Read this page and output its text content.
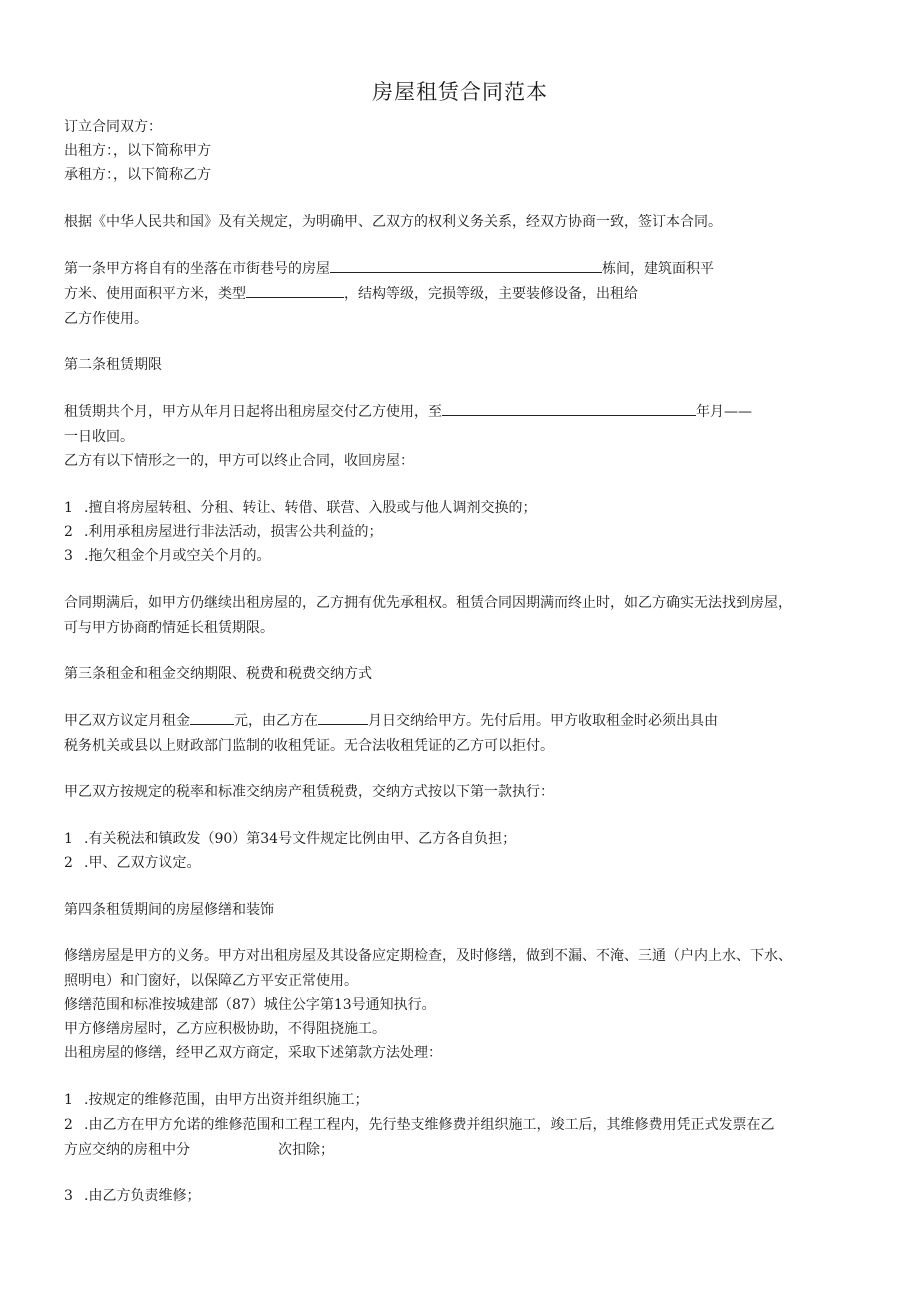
房屋租赁合同范本
订立合同双方：
出租方：，以下简称甲方
承租方：，以下简称乙方
根据《中华人民共和国》及有关规定，为明确甲、乙双方的权利义务关系，经双方协商一致，签订本合同。
第一条甲方将自有的坐落在市街巷号的房屋	栋间，建筑面积平
方米、使用面积平方米，类型	，结构等级，完损等级，主要装修设备，出租给
乙方作使用。
第二条租赁期限
租赁期共个月，甲方从年月日起将出租房屋交付乙方使用，至	年月——
一日收回。
乙方有以下情形之一的，甲方可以终止合同，收回房屋：
1 .擅自将房屋转租、分租、转让、转借、联营、入股或与他人调剂交换的；
2 .利用承租房屋进行非法活动，损害公共利益的；
3 .拖欠租金个月或空关个月的。
合同期满后，如甲方仍继续出租房屋的，乙方拥有优先承租权。租赁合同因期满而终止时，如乙方确实无法找到房屋，
可与甲方协商酌情延长租赁期限。
第三条租金和租金交纳期限、税费和税费交纳方式
甲乙双方议定月租金	元，由乙方在	月日交纳给甲方。先付后用。甲方收取租金时必须出具由
税务机关或县以上财政部门监制的收租凭证。无合法收租凭证的乙方可以拒付。
甲乙双方按规定的税率和标准交纳房产租赁税费，交纳方式按以下第一款执行：
1 .有关税法和镇政发（90）第34号文件规定比例由甲、乙方各自负担；
2 .甲、乙双方议定。
第四条租赁期间的房屋修缮和装饰
修缮房屋是甲方的义务。甲方对出租房屋及其设备应定期检查，及时修缮，做到不漏、不淹、三通（户内上水、下水、
照明电）和门窗好，以保障乙方平安正常使用。
修缮范围和标准按城建部（87）城住公字第13号通知执行。
甲方修缮房屋时，乙方应积极协助，不得阻挠施工。
出租房屋的修缮，经甲乙双方商定，采取下述第款方法处理：
1 .按规定的维修范围，由甲方出资并组织施工；
2 .由乙方在甲方允诺的维修范围和工程工程内，先行垫支维修费并组织施工，竣工后，其维修费用凭正式发票在乙
方应交纳的房租中分	次扣除；
3 .由乙方负责维修；
